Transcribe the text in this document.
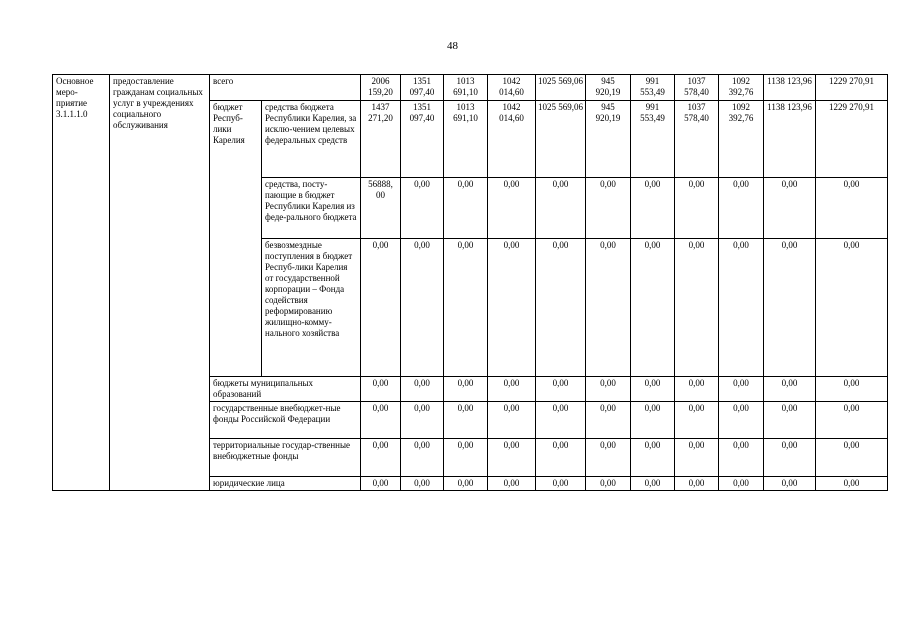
48
Основное меро-приятие 3.1.1.1.0	предоставление гражданам социальных услуг в учреждениях социального обслуживания	всего		2006 159,20	1351 097,40	1013 691,10	1042 014,60	1025 569,06	945 920,19	991 553,49	1037 578,40	1092 392,76	1138 123,96	1229 270,91
		бюджет Респуб-лики Карелия	средства бюджета Республики Карелия, за исклю-чением целевых федеральных средств	1437 271,20	1351 097,40	1013 691,10	1042 014,60	1025 569,06	945 920,19	991 553,49	1037 578,40	1092 392,76	1138 123,96	1229 270,91
			средства, посту-пающие в бюджет Республики Карелия из феде-рального бюджета	56888, 00	0,00	0,00	0,00	0,00	0,00	0,00	0,00	0,00	0,00	0,00
			безвозмездные поступления в бюджет Респуб-лики Карелия от государственной корпорации – Фонда содействия реформированию жилищно-комму-нального хозяйства	0,00	0,00	0,00	0,00	0,00	0,00	0,00	0,00	0,00	0,00	0,00
		бюджеты муниципальных образований		0,00	0,00	0,00	0,00	0,00	0,00	0,00	0,00	0,00	0,00	0,00
		государственные внебюджет-ные фонды Российской Федерации		0,00	0,00	0,00	0,00	0,00	0,00	0,00	0,00	0,00	0,00	0,00
		территориальные государ-ственные внебюджетные фонды		0,00	0,00	0,00	0,00	0,00	0,00	0,00	0,00	0,00	0,00	0,00
		юридические лица		0,00	0,00	0,00	0,00	0,00	0,00	0,00	0,00	0,00	0,00	0,00
